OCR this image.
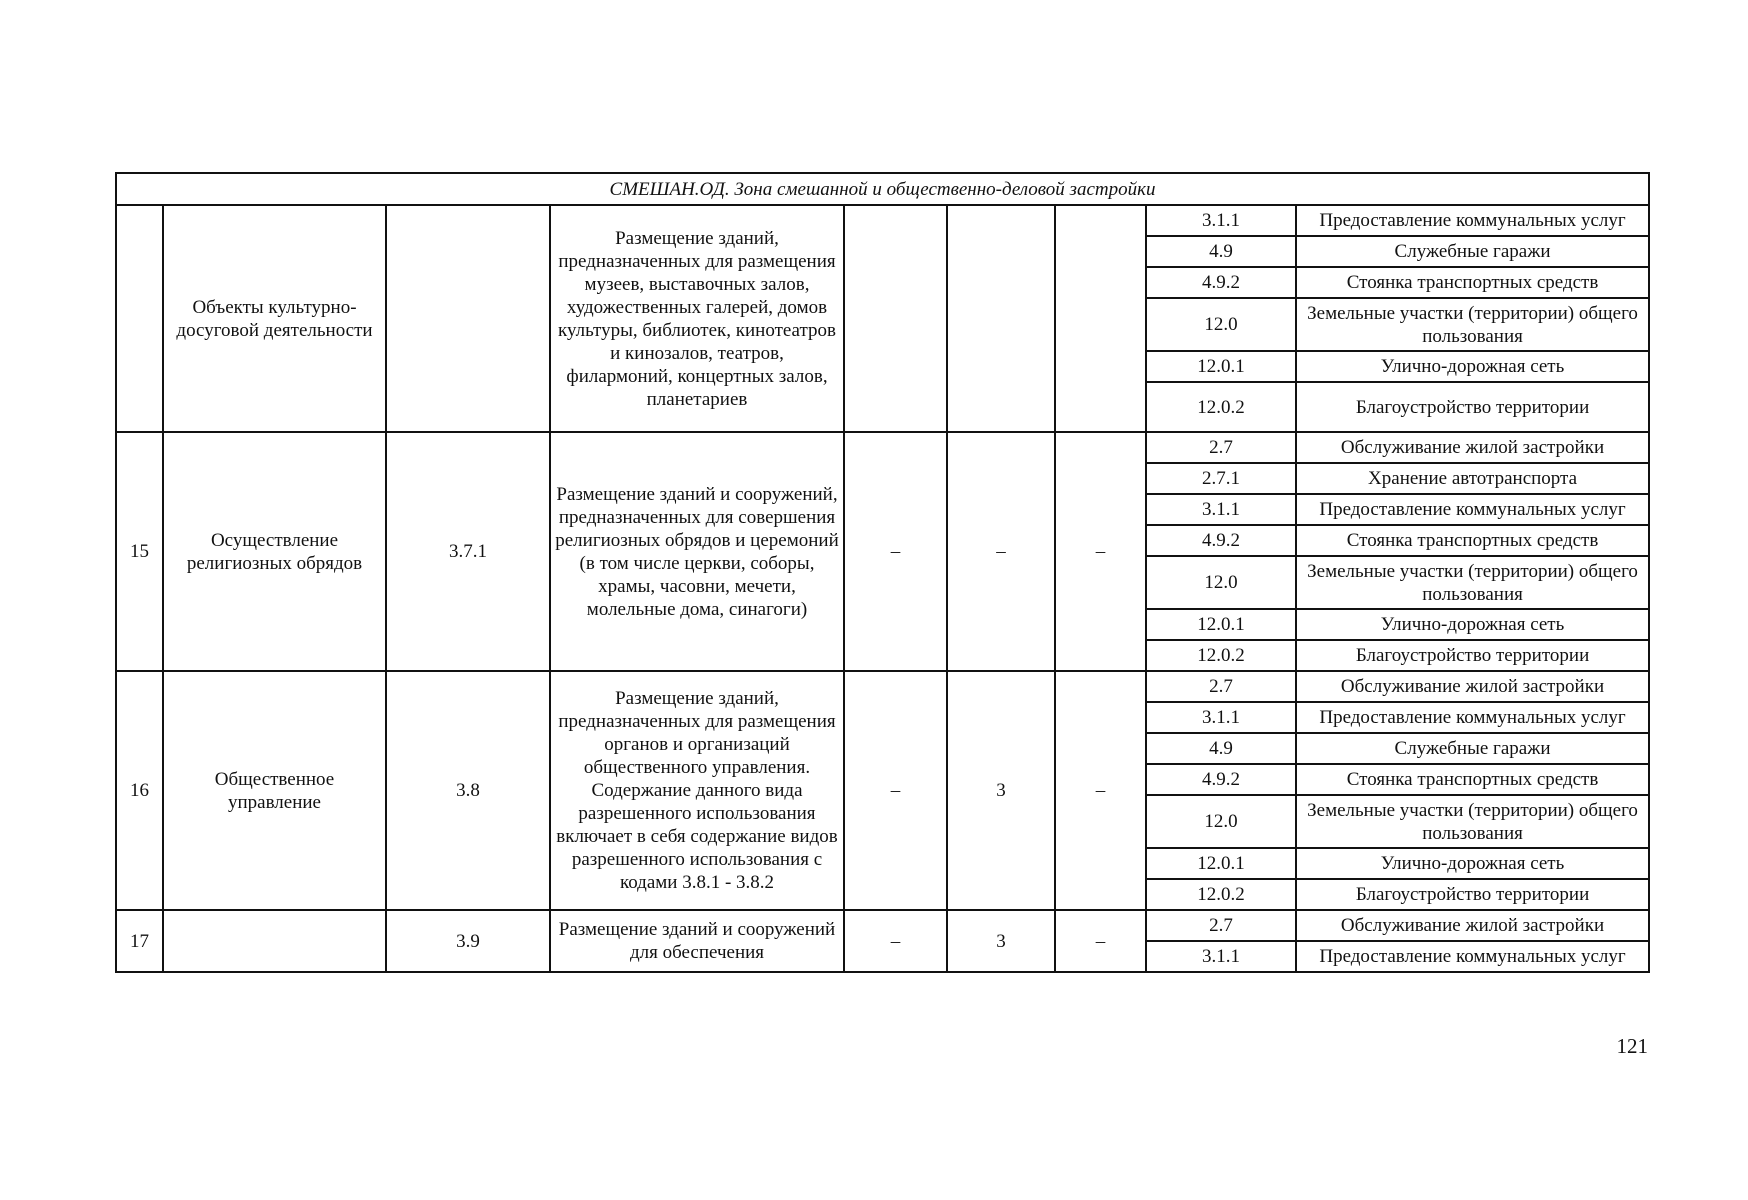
СМЕШАН.ОД. Зона смешанной и общественно-деловой застройки								
	Объекты культурно-досуговой деятельности		Размещение зданий, предназначенных для размещения музеев, выставочных залов, художественных галерей, домов культуры, библиотек, кинотеатров и кинозалов, театров, филармоний, концертных залов, планетариев				3.1.1	Предоставление коммунальных услуг
							4.9	Служебные гаражи
							4.9.2	Стоянка транспортных средств
							12.0	Земельные участки (территории) общего пользования
							12.0.1	Улично-дорожная сеть
							12.0.2	Благоустройство территории
15	Осуществление религиозных обрядов	3.7.1	Размещение зданий и сооружений, предназначенных для совершения религиозных обрядов и церемоний (в том числе церкви, соборы, храмы, часовни, мечети, молельные дома, синагоги)	–	–	–	2.7	Обслуживание жилой застройки
							2.7.1	Хранение автотранспорта
							3.1.1	Предоставление коммунальных услуг
							4.9.2	Стоянка транспортных средств
							12.0	Земельные участки (территории) общего пользования
							12.0.1	Улично-дорожная сеть
							12.0.2	Благоустройство территории
16	Общественное управление	3.8	Размещение зданий, предназначенных для размещения органов и организаций общественного управления. Содержание данного вида разрешенного использования включает в себя содержание видов разрешенного использования с кодами 3.8.1 - 3.8.2	–	3	–	2.7	Обслуживание жилой застройки
							3.1.1	Предоставление коммунальных услуг
							4.9	Служебные гаражи
							4.9.2	Стоянка транспортных средств
							12.0	Земельные участки (территории) общего пользования
							12.0.1	Улично-дорожная сеть
							12.0.2	Благоустройство территории
17		3.9	Размещение зданий и сооружений для обеспечения	–	3	–	2.7	Обслуживание жилой застройки
							3.1.1	Предоставление коммунальных услуг
121
